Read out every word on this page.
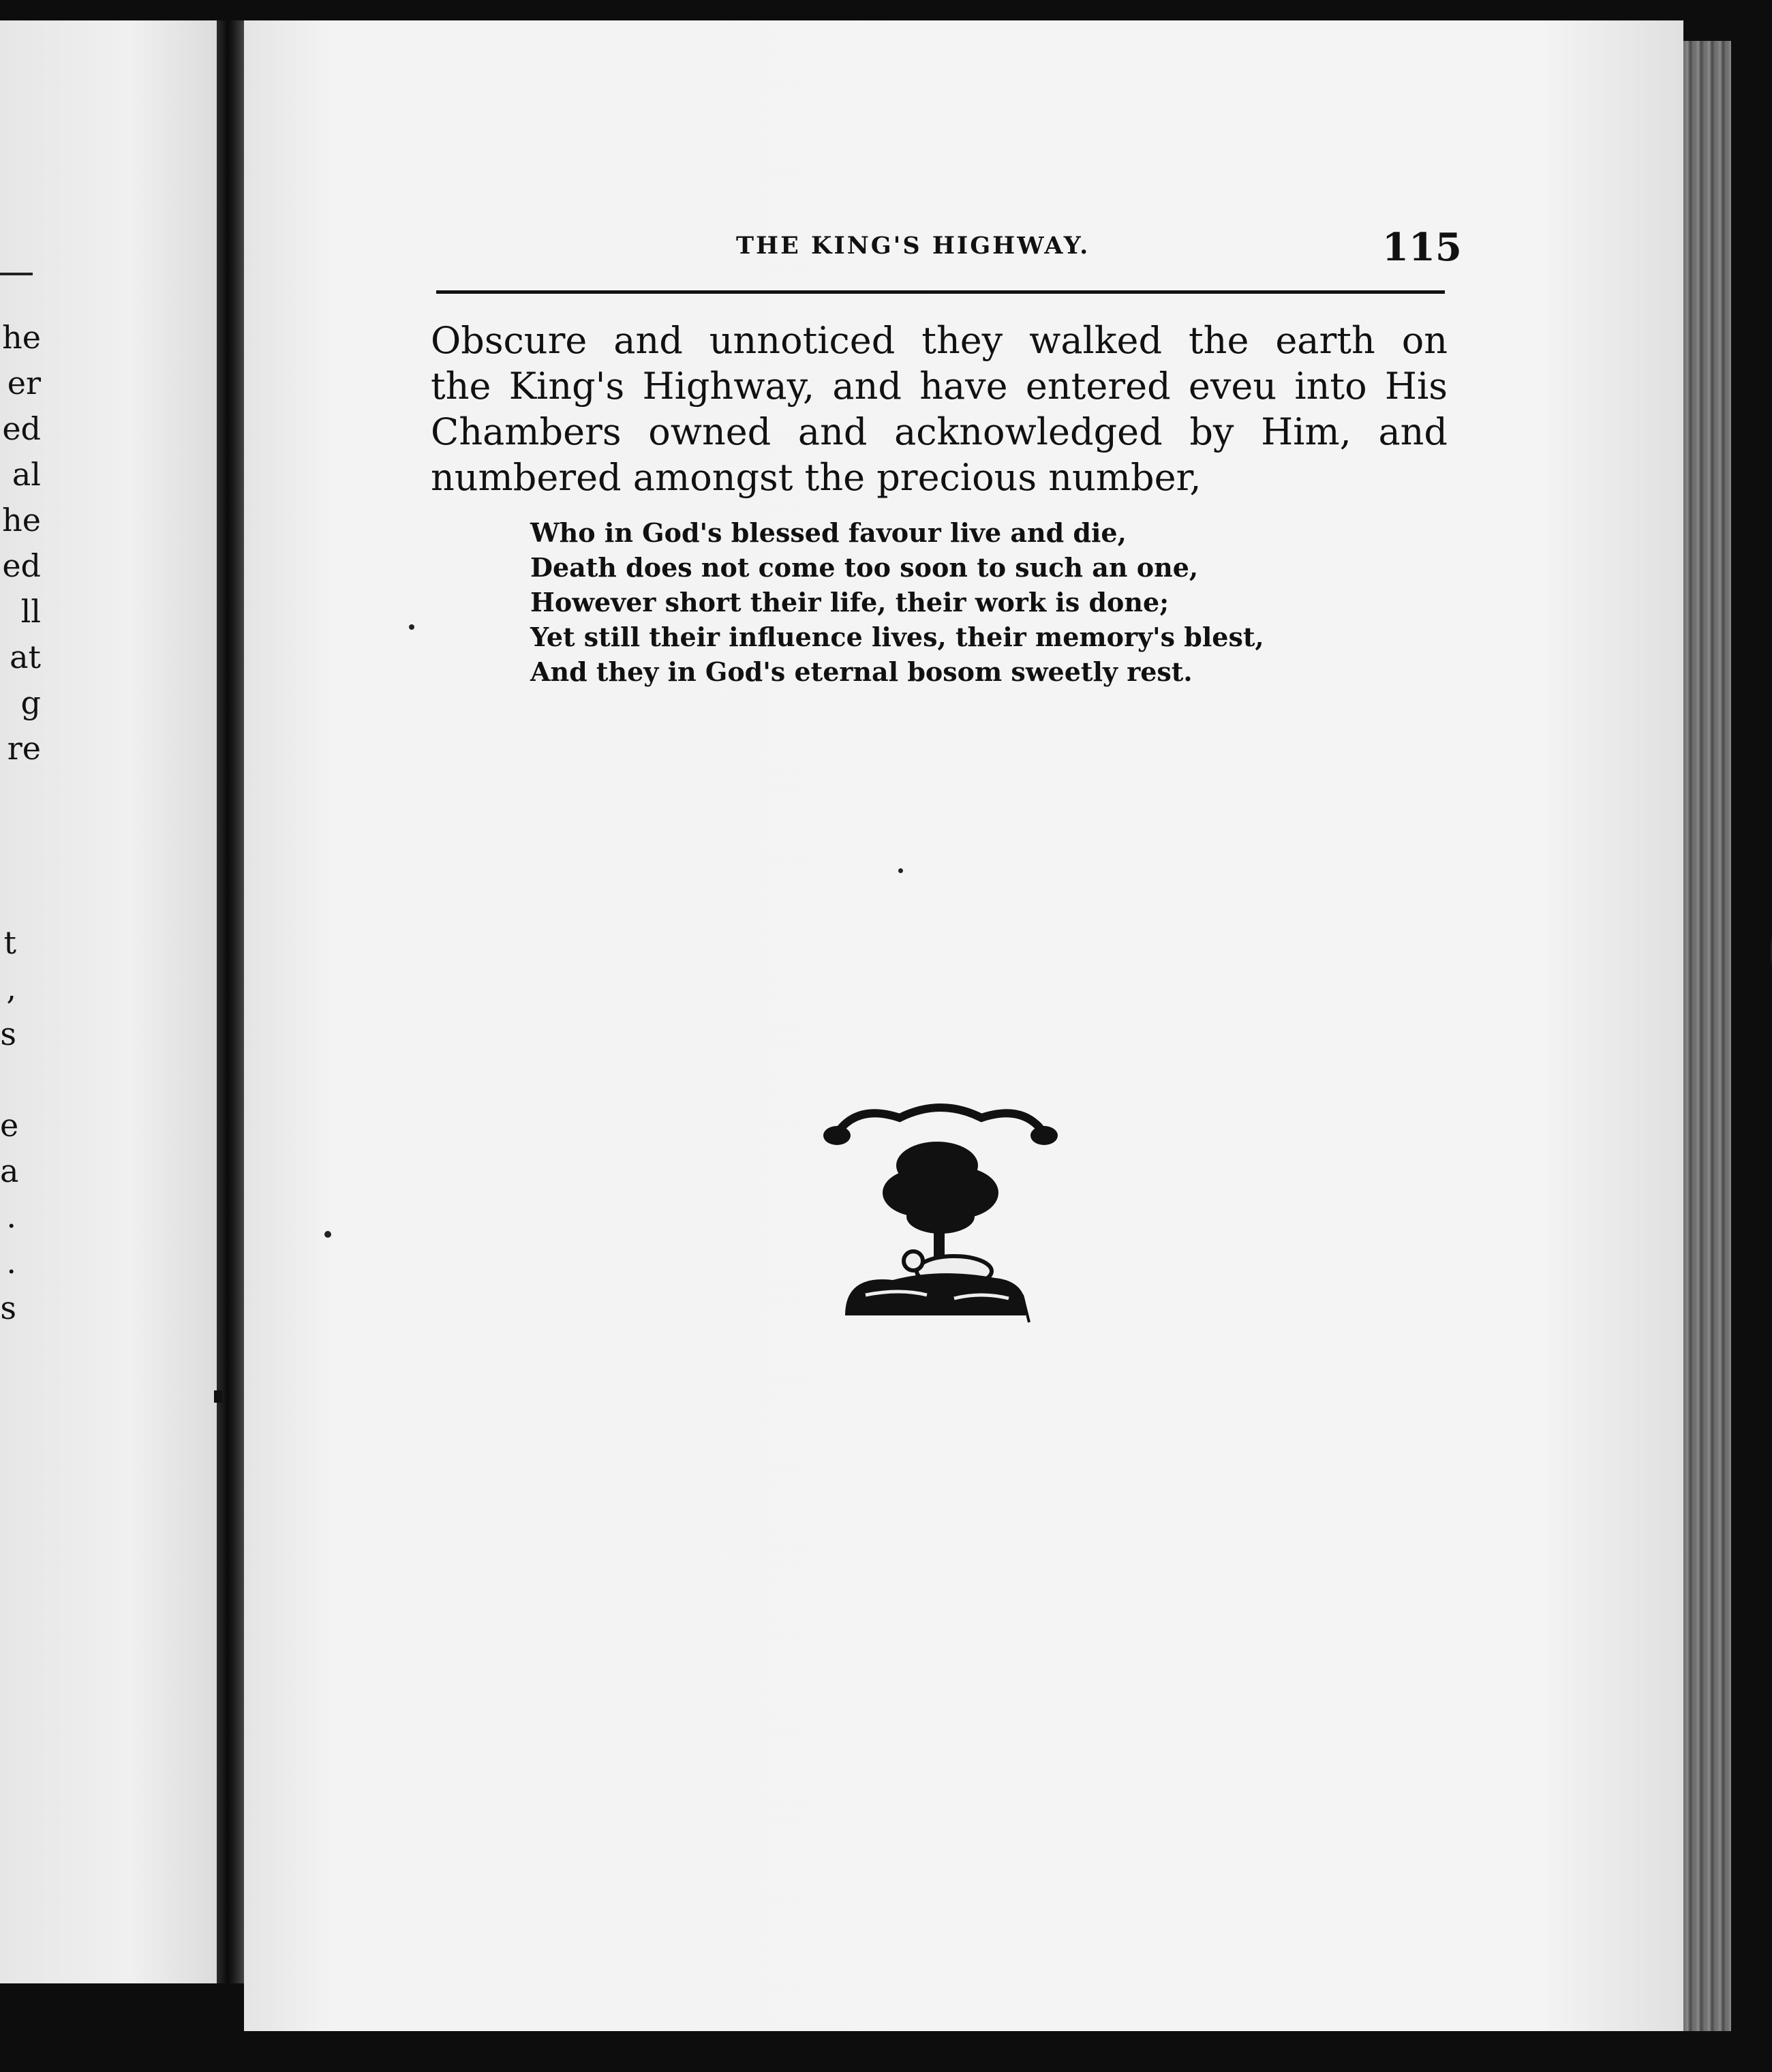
he
er
ed
al
he
ed
ll
at
g
re
t
,
s
e
a
.
.
s
THE KING'S HIGHWAY.	115
Obscure and unnoticed they walked the earth on
the King's Highway, and have entered eveu into His
Chambers owned and acknowledged by Him, and
numbered amongst the precious number,
Who in God's blessed favour live and die,
Death does not come too soon to such an one,
However short their life, their work is done;
Yet still their influence lives, their memory's blest,
And they in God's eternal bosom sweetly rest.
